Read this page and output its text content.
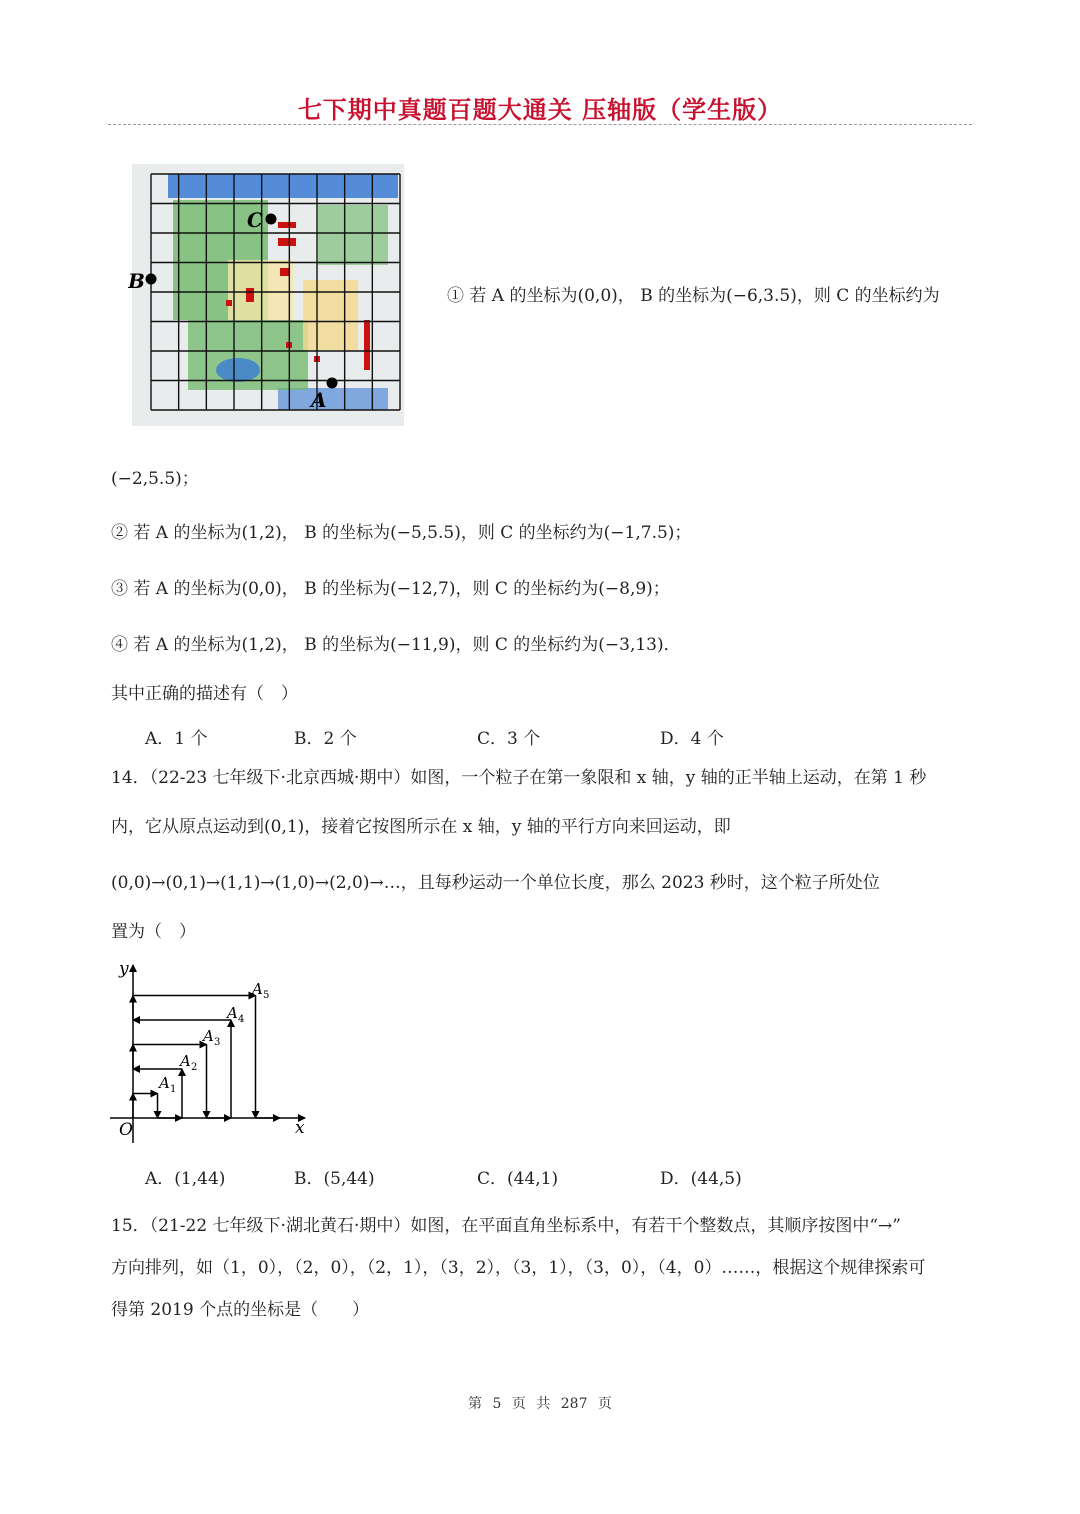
七下期中真题百题大通关 压轴版（学生版）
C
B
A
① 若 A 的坐标为(0,0)， B 的坐标为(−6,3.5)，则 C 的坐标约为
(−2,5.5)；
② 若 A 的坐标为(1,2)， B 的坐标为(−5,5.5)，则 C 的坐标约为(−1,7.5)；
③ 若 A 的坐标为(0,0)， B 的坐标为(−12,7)，则 C 的坐标约为(−8,9)；
④ 若 A 的坐标为(1,2)， B 的坐标为(−11,9)，则 C 的坐标约为(−3,13)．
其中正确的描述有（　）
A．1 个	B．2 个	C．3 个	D．4 个
14．（22-23 七年级下·北京西城·期中）如图，一个粒子在第一象限和 x 轴，y 轴的正半轴上运动，在第 1 秒
内，它从原点运动到(0,1)，接着它按图所示在 x 轴，y 轴的平行方向来回运动，即
(0,0)→(0,1)→(1,1)→(1,0)→(2,0)→…，且每秒运动一个单位长度，那么 2023 秒时，这个粒子所处位
置为（　）
y
x
O
A 1
A 2
A 3
A 4
A 5
A．(1,44)	B．(5,44)	C．(44,1)	D．(44,5)
15．（21-22 七年级下·湖北黄石·期中）如图，在平面直角坐标系中，有若干个整数点，其顺序按图中“→”
方向排列，如（1，0），（2，0），（2，1），（3，2），（3，1），（3，0），（4，0）……，根据这个规律探索可
得第 2019 个点的坐标是（　　）
第 5 页 共 287 页
